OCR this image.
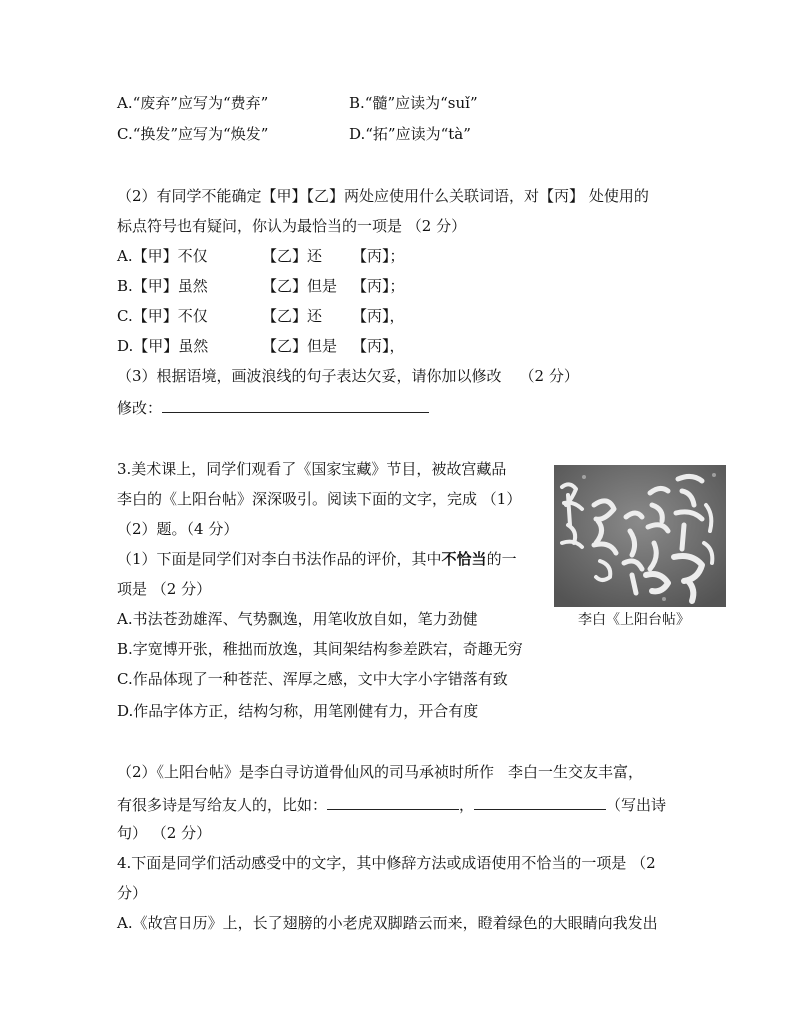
A.“废弃”应写为“费弃”	B.“髓”应读为“suǐ”
C.“换发”应写为“焕发”	D.“拓”应读为“tà”
（2）有同学不能确定【甲】【乙】两处应使用什么关联词语，对【丙】 处使用的
标点符号也有疑问，你认为最恰当的一项是 （2 分）
A.【甲】不仅	【乙】还 【丙】；
B.【甲】虽然	【乙】但是 【丙】；
C.【甲】不仅	【乙】还 【丙】，
D.【甲】虽然	【乙】但是 【丙】，
（3）根据语境，画波浪线的句子表达欠妥，请你加以修改 （2 分）
修改：
3.美术课上，同学们观看了《国家宝藏》节目，被故宫藏品
李白的《上阳台帖》深深吸引。阅读下面的文字，完成 （1）
（2）题。（4 分）
（1）下面是同学们对李白书法作品的评价，其中不恰当的一
项是 （2 分）
A.书法苍劲雄浑、气势飘逸，用笔收放自如，笔力劲健
B.字宽博开张，稚拙而放逸，其间架结构参差跌宕，奇趣无穷
C.作品体现了一种苍茫、浑厚之感，文中大字小字错落有致
D.作品字体方正，结构匀称，用笔刚健有力，开合有度
李白《上阳台帖》
（2）《上阳台帖》是李白寻访道骨仙风的司马承祯时所作 李白一生交友丰富，
有很多诗是写给友人的，比如：	，	（写出诗
句） （2 分）
4.下面是同学们活动感受中的文字，其中修辞方法或成语使用不恰当的一项是 （2
分）
A.《故宫日历》上，长了翅膀的小老虎双脚踏云而来，瞪着绿色的大眼睛向我发出
